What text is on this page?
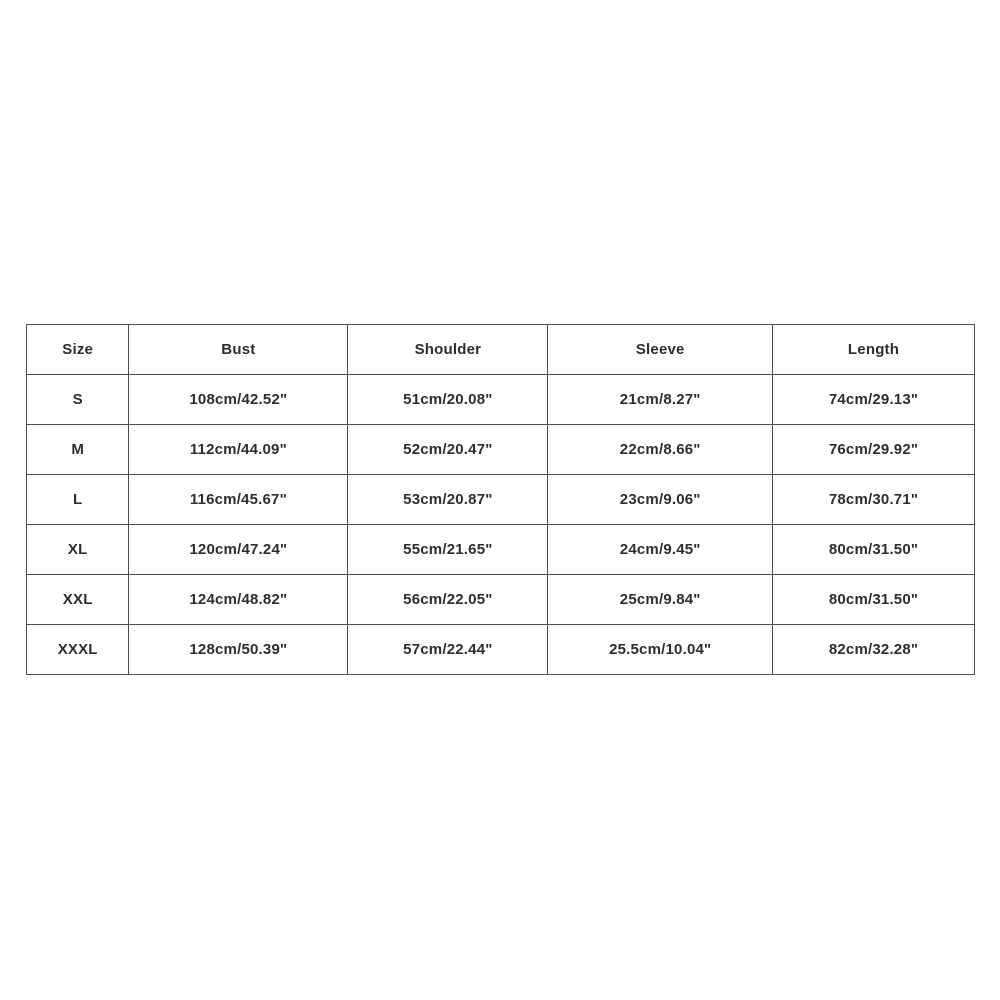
Size	Bust	Shoulder	Sleeve	Length
S	108cm/42.52"	51cm/20.08"	21cm/8.27"	74cm/29.13"
M	112cm/44.09"	52cm/20.47"	22cm/8.66"	76cm/29.92"
L	116cm/45.67"	53cm/20.87"	23cm/9.06"	78cm/30.71"
XL	120cm/47.24"	55cm/21.65"	24cm/9.45"	80cm/31.50"
XXL	124cm/48.82"	56cm/22.05"	25cm/9.84"	80cm/31.50"
XXXL	128cm/50.39"	57cm/22.44"	25.5cm/10.04"	82cm/32.28"
